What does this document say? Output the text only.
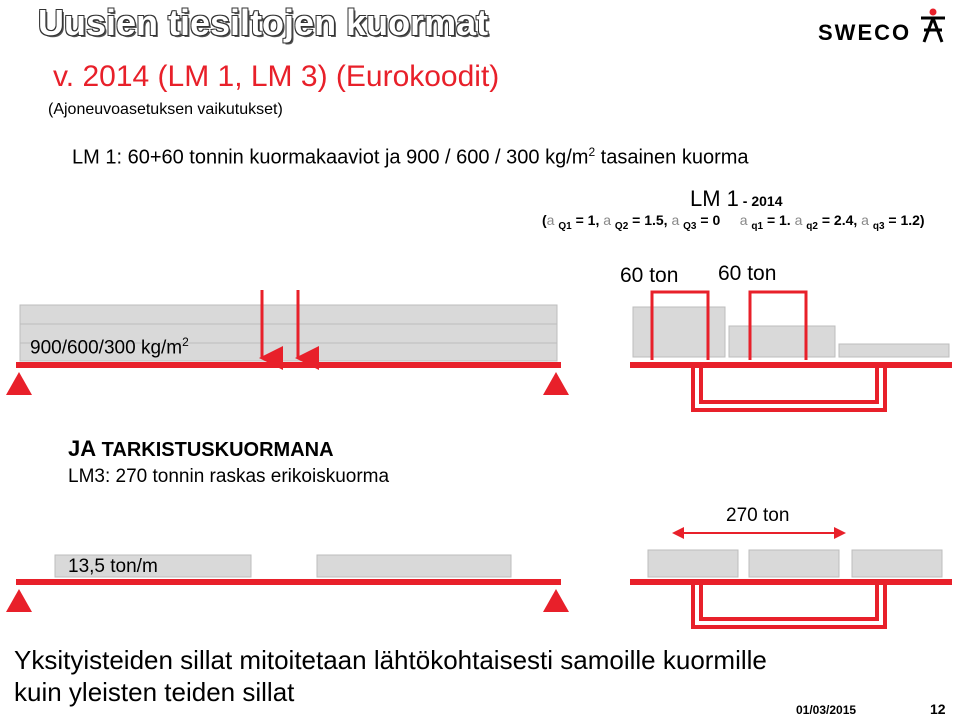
Uusien tiesiltojen kuormat	SWECO
v. 2014 (LM 1, LM 3) (Eurokoodit)
(Ajoneuvoasetuksen vaikutukset)
LM 1: 60+60 tonnin kuormakaaviot ja 900 / 600 / 300 $kg/m^2$ tasainen kuorma
LM 1 - 2014
(a $_{Q1}$ = 1, a $_{Q2}$ = 1.5, a $_{Q3}$ = 0 a $_{q1}$ = 1. a $_{q2}$ = 2.4, a $_{q3}$ = 1.2)
60 ton 60 ton
900/600/300 $kg/m^2$
JA TARKISTUSKUORMANA
LM3: 270 tonnin raskas erikoiskuorma
270 ton
13,5 ton/m
Yksityisteiden sillat mitoitetaan lähtökohtaisesti samoille kuormille kuin yleisten teiden sillat
01/03/2015	12
